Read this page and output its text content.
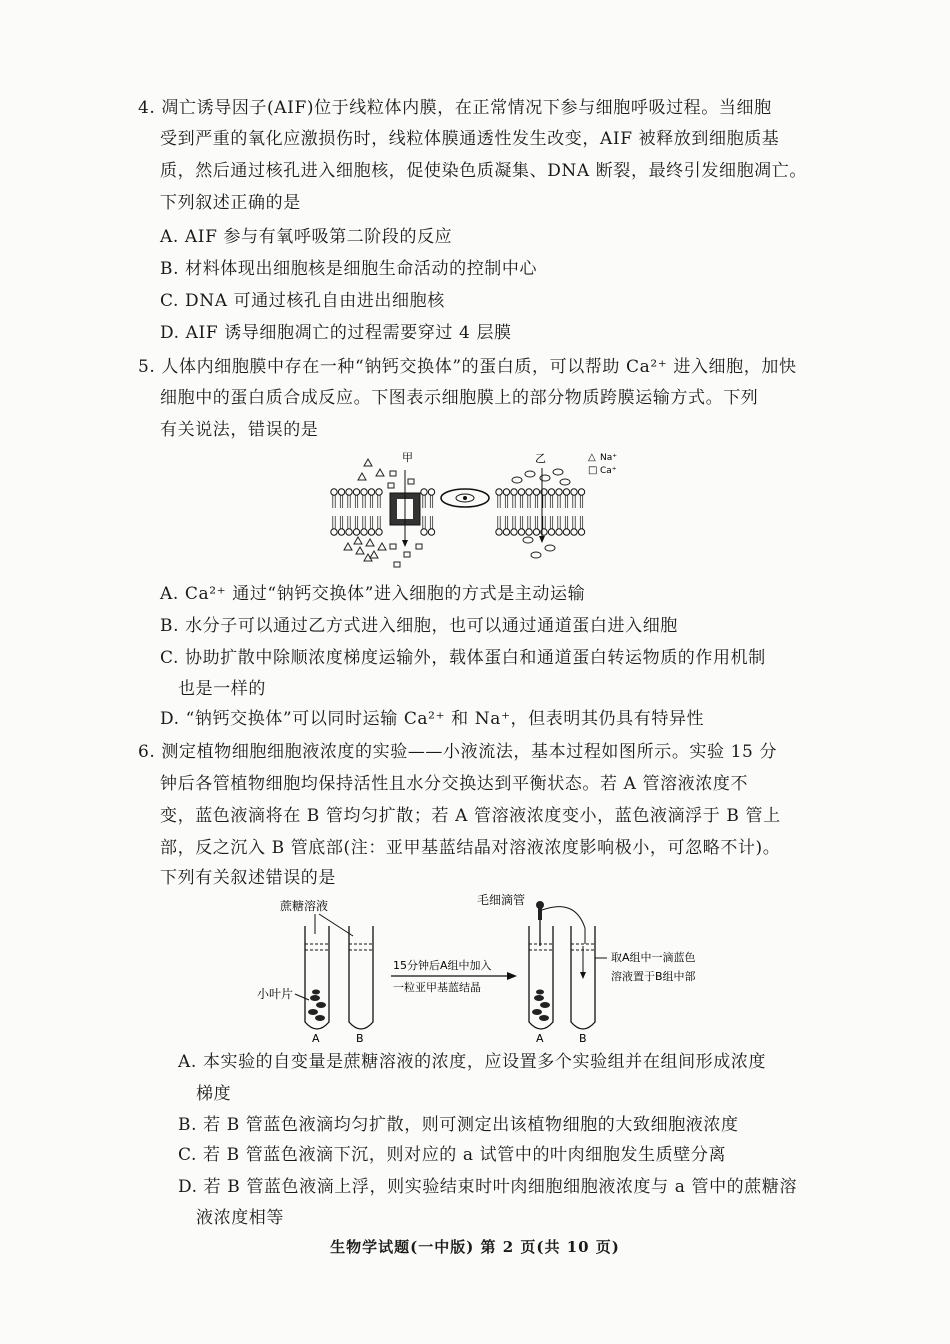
4. 凋亡诱导因子(AIF)位于线粒体内膜，在正常情况下参与细胞呼吸过程。当细胞
受到严重的氧化应激损伤时，线粒体膜通透性发生改变，AIF 被释放到细胞质基
质，然后通过核孔进入细胞核，促使染色质凝集、DNA 断裂，最终引发细胞凋亡。
下列叙述正确的是
A. AIF 参与有氧呼吸第二阶段的反应
B. 材料体现出细胞核是细胞生命活动的控制中心
C. DNA 可通过核孔自由进出细胞核
D. AIF 诱导细胞凋亡的过程需要穿过 4 层膜
5. 人体内细胞膜中存在一种“钠钙交换体”的蛋白质，可以帮助 Ca²⁺ 进入细胞，加快
细胞中的蛋白质合成反应。下图表示细胞膜上的部分物质跨膜运输方式。下列
有关说法，错误的是
甲	乙	△ Na⁺
□ Ca⁺
A. Ca²⁺ 通过“钠钙交换体”进入细胞的方式是主动运输
B. 水分子可以通过乙方式进入细胞，也可以通过通道蛋白进入细胞
C. 协助扩散中除顺浓度梯度运输外，载体蛋白和通道蛋白转运物质的作用机制
也是一样的
D. “钠钙交换体”可以同时运输 Ca²⁺ 和 Na⁺，但表明其仍具有特异性
6. 测定植物细胞细胞液浓度的实验——小液流法，基本过程如图所示。实验 15 分
钟后各管植物细胞均保持活性且水分交换达到平衡状态。若 A 管溶液浓度不
变，蓝色液滴将在 B 管均匀扩散；若 A 管溶液浓度变小，蓝色液滴浮于 B 管上
部，反之沉入 B 管底部(注：亚甲基蓝结晶对溶液浓度影响极小，可忽略不计)。
下列有关叙述错误的是
蔗糖溶液
小叶片
A	B
15分钟后A组中加入
一粒亚甲基蓝结晶
毛细滴管
A	B
取A组中一滴蓝色
溶液置于B组中部
A. 本实验的自变量是蔗糖溶液的浓度，应设置多个实验组并在组间形成浓度
梯度
B. 若 B 管蓝色液滴均匀扩散，则可测定出该植物细胞的大致细胞液浓度
C. 若 B 管蓝色液滴下沉，则对应的 a 试管中的叶肉细胞发生质壁分离
D. 若 B 管蓝色液滴上浮，则实验结束时叶肉细胞细胞液浓度与 a 管中的蔗糖溶
液浓度相等
生物学试题(一中版) 第 2 页(共 10 页)
